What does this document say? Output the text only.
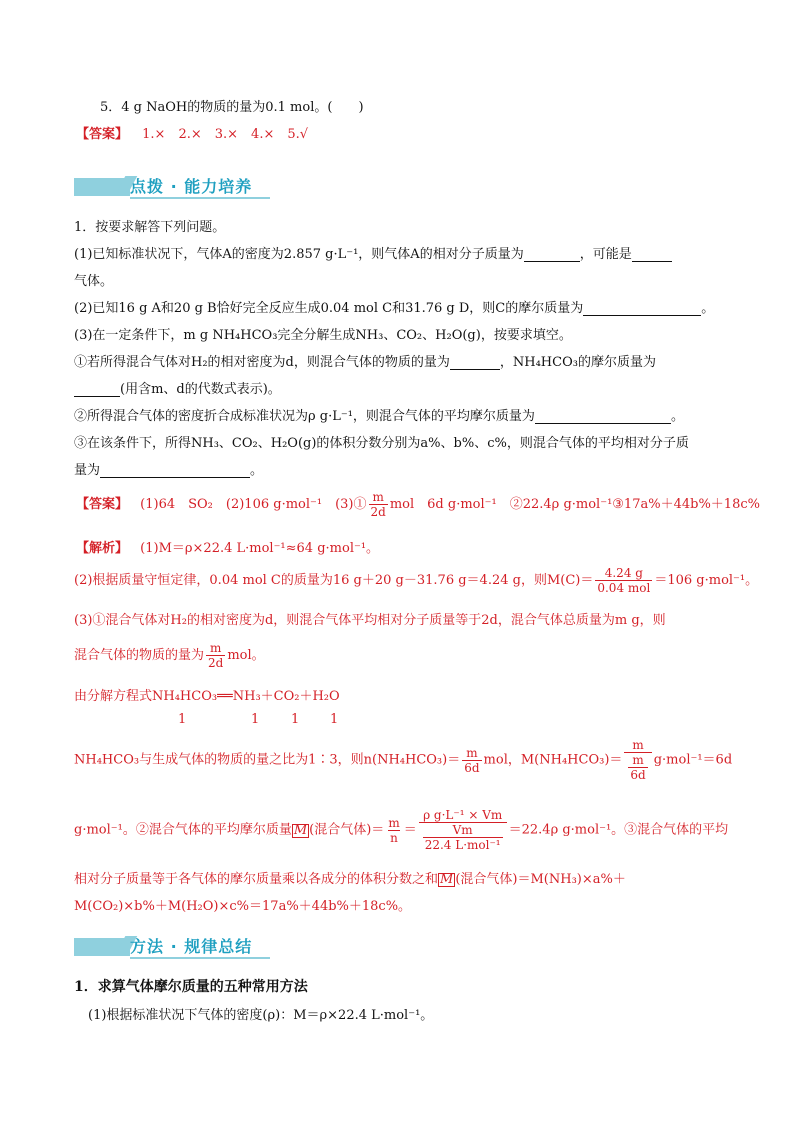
5．4 g NaOH的物质的量为0.1 mol。(　　)
【答案】 1.×　2.×　3.×　4.×　5.√
点拨 · 能力培养
1．按要求解答下列问题。
(1)已知标准状况下，气体A的密度为2.857 g·L⁻¹，则气体A的相对分子质量为	，可能是
气体。
(2)已知16 g A和20 g B恰好完全反应生成0.04 mol C和31.76 g D，则C的摩尔质量为	。
(3)在一定条件下，m g NH₄HCO₃完全分解生成NH₃、CO₂、H₂O(g)，按要求填空。
①若所得混合气体对H₂的相对密度为d，则混合气体的物质的量为	，NH₄HCO₃的摩尔质量为
(用含m、d的代数式表示)。
②所得混合气体的密度折合成标准状况为ρ g·L⁻¹，则混合气体的平均摩尔质量为	。
③在该条件下，所得NH₃、CO₂、H₂O(g)的体积分数分别为a%、b%、c%，则混合气体的平均相对分子质
量为	。
【答案】 (1)64　SO₂　(2)106 g·mol⁻¹　(3)① $\frac{m}{2d}$ mol　6d g·mol⁻¹　②22.4ρ g·mol⁻¹③17a%＋44b%＋18c%
【解析】 (1)M＝ρ×22.4 L·mol⁻¹≈64 g·mol⁻¹。
(2)根据质量守恒定律，0.04 mol C的质量为16 g＋20 g－31.76 g＝4.24 g，则$M(C)= \frac{4.24 g}{\text{0.04 mol}} =106$ g·mol⁻¹。
(3)①混合气体对H₂的相对密度为d，则混合气体平均相对分子质量等于2d，混合气体总质量为m g，则
混合气体的物质的量为 $\frac{m}{2d}$ mol。
由分解方程式NH₄HCO₃══NH₃＋CO₂＋H₂O
1	1 1 1
NH₄HCO₃与生成气体的物质的量之比为1∶3，则$n(NH_4HCO_3)= \frac{m}{6d}$ mol，$M(NH_4HCO_3)= \frac{m}{\frac{m}{6d}} g\cdot mol^{-1}=6d$
g·mol⁻¹。②混合气体的平均摩尔质量 M (混合气体)＝ $\frac{m}{n} = \frac{\text{ρ g·L⁻¹ × Vm}}{\frac{Vm}{\text{22.4 L·mol⁻¹}}} =22.4\rho$ g·mol⁻¹。③混合气体的平均
相对分子质量等于各气体的摩尔质量乘以各成分的体积分数之和 M (混合气体)＝M(NH₃)×a%＋
M(CO₂)×b%＋M(H₂O)×c%＝17a%＋44b%＋18c%。
方法 · 规律总结
1．求算气体摩尔质量的五种常用方法
(1)根据标准状况下气体的密度(ρ)：M＝ρ×22.4 L·mol⁻¹。
